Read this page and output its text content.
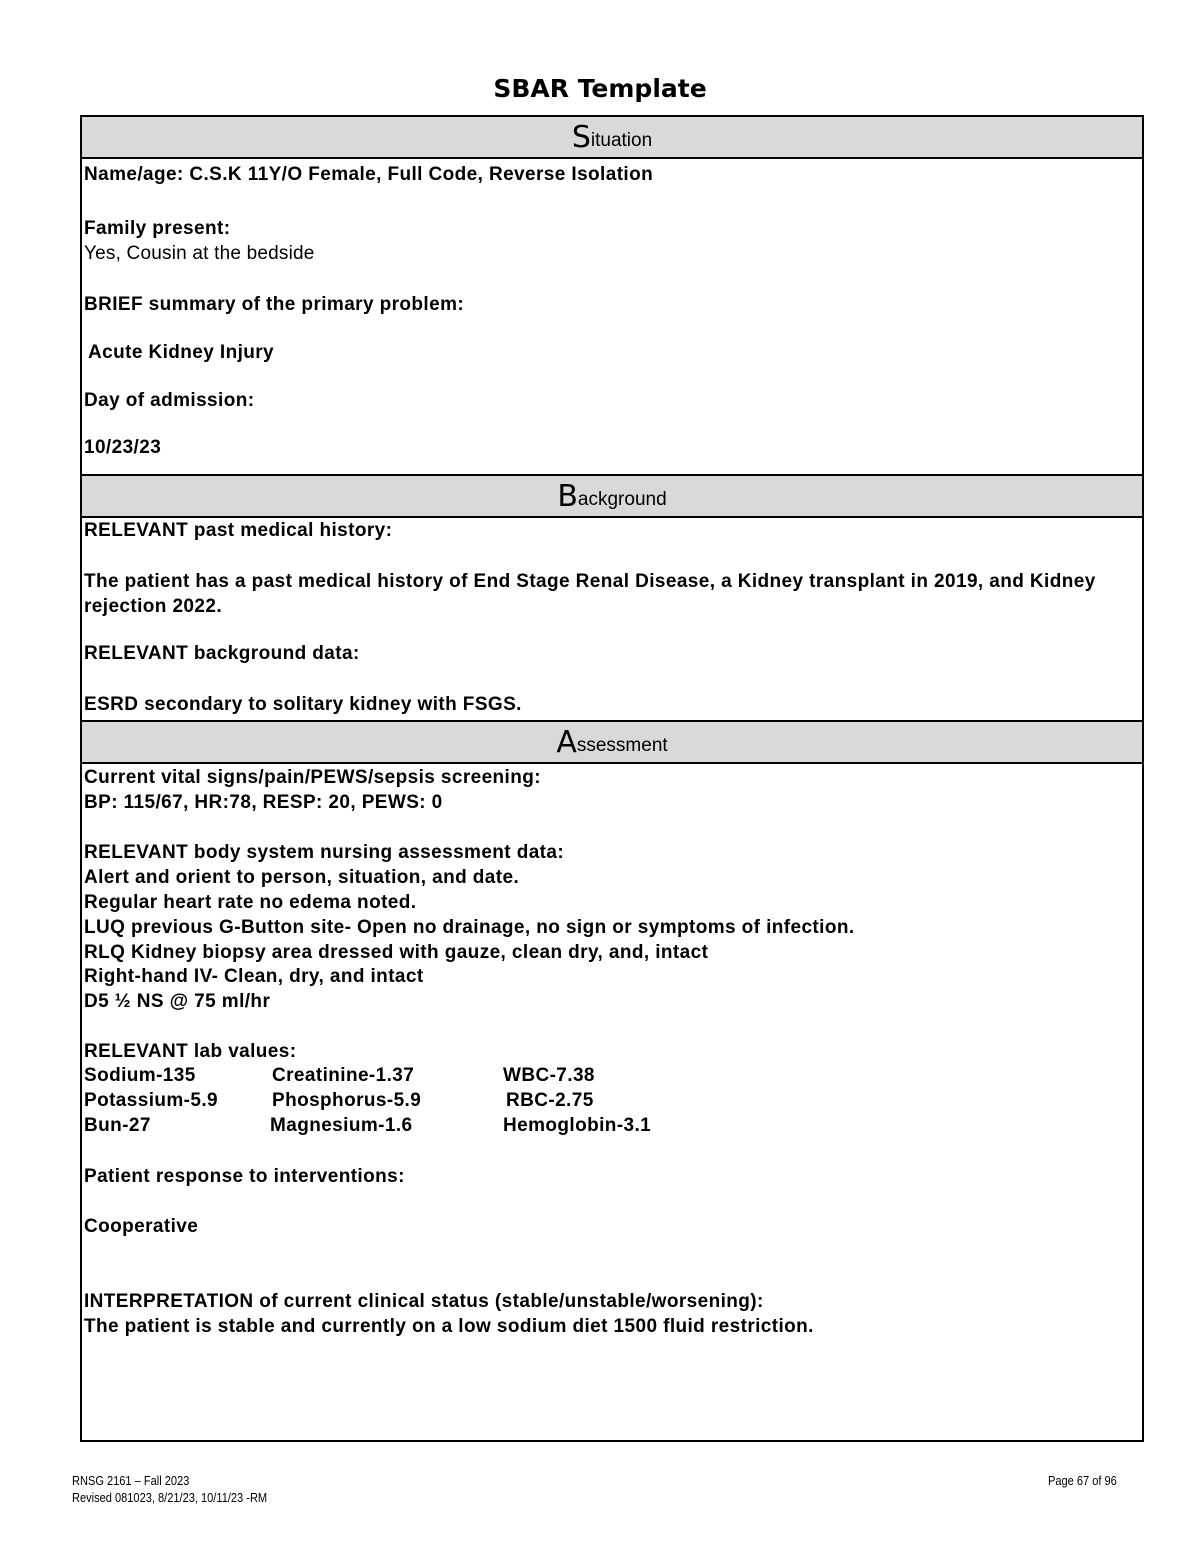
SBAR Template
Situation
Name/age: C.S.K 11Y/O Female, Full Code, Reverse Isolation
Family present:
Yes, Cousin at the bedside
BRIEF summary of the primary problem:
Acute Kidney Injury
Day of admission:
10/23/23
Background
RELEVANT past medical history:
The patient has a past medical history of End Stage Renal Disease, a Kidney transplant in 2019, and Kidney rejection 2022.
RELEVANT background data:
ESRD secondary to solitary kidney with FSGS.
Assessment
Current vital signs/pain/PEWS/sepsis screening:
BP: 115/67, HR:78, RESP: 20, PEWS: 0
RELEVANT body system nursing assessment data:
Alert and orient to person, situation, and date.
Regular heart rate no edema noted.
LUQ previous G-Button site- Open no drainage, no sign or symptoms of infection.
RLQ Kidney biopsy area dressed with gauze, clean dry, and, intact
Right-hand IV- Clean, dry, and intact
D5 ½ NS @ 75 ml/hr
RELEVANT lab values:
Sodium-135	Creatinine-1.37	WBC-7.38
Potassium-5.9	Phosphorus-5.9	RBC-2.75
Bun-27	Magnesium-1.6	Hemoglobin-3.1
Patient response to interventions:
Cooperative
INTERPRETATION of current clinical status (stable/unstable/worsening):
The patient is stable and currently on a low sodium diet 1500 fluid restriction.
RNSG 2161 – Fall 2023
Revised 081023, 8/21/23, 10/11/23 -RM
Page 67 of 96
